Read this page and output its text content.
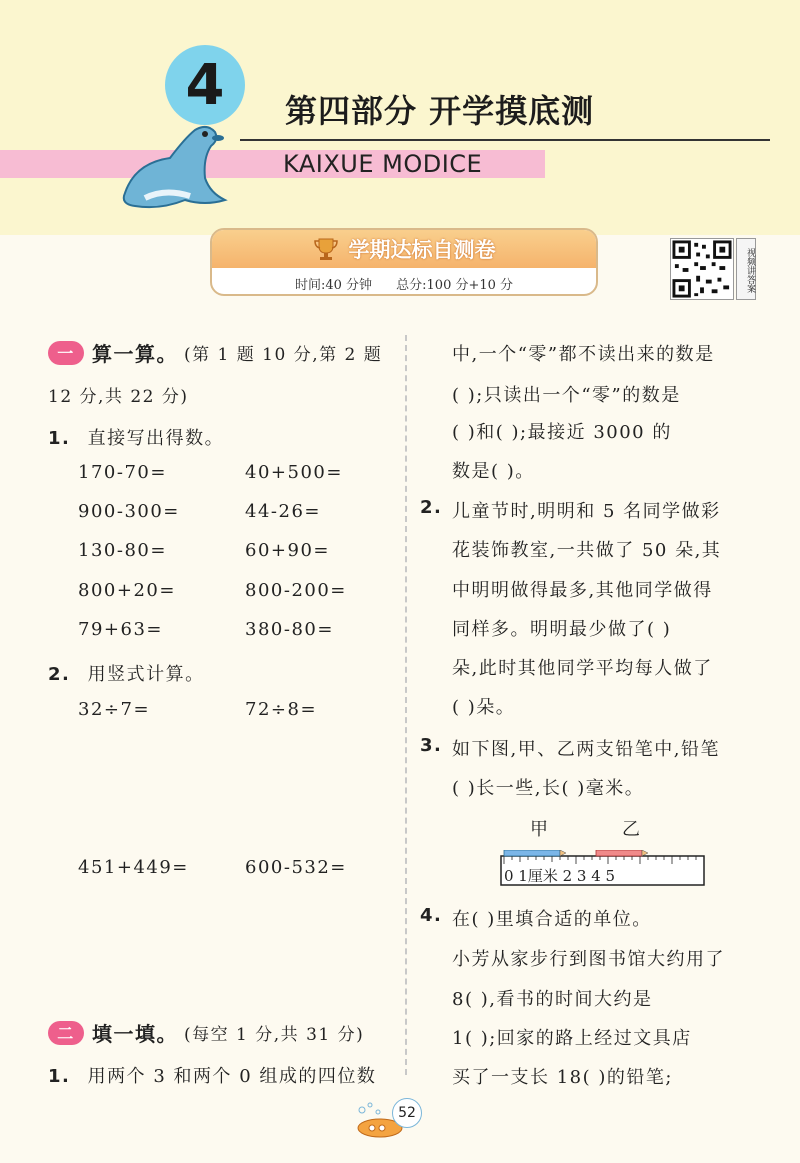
4	第四部分 开学摸底测
KAIXUE MODICE
学期达标自测卷
时间:40 分钟 总分:100 分+10 分	视频讲答案
一 算一算。 (第 1 题 10 分,第 2 题
12 分,共 22 分)
1. 直接写出得数。
170-70=	40+500=
900-300=	44-26=
130-80=	60+90=
800+20=	800-200=
79+63=	380-80=
2. 用竖式计算。
32÷7=	72÷8=
451+449=	600-532=
二 填一填。 (每空 1 分,共 31 分)
1. 用两个 3 和两个 0 组成的四位数
中,一个“零”都不读出来的数是
( );只读出一个“零”的数是
( )和( );最接近 3000 的
数是( )。
2. 儿童节时,明明和 5 名同学做彩
花装饰教室,一共做了 50 朵,其
中明明做得最多,其他同学做得
同样多。明明最少做了( )
朵,此时其他同学平均每人做了
( )朵。
3. 如下图,甲、乙两支铅笔中,铅笔
( )长一些,长( )毫米。
甲	乙
0 1厘米 2 3 4 5
4. 在( )里填合适的单位。
小芳从家步行到图书馆大约用了
8( ),看书的时间大约是
1( );回家的路上经过文具店
买了一支长 18( )的铅笔;
52
